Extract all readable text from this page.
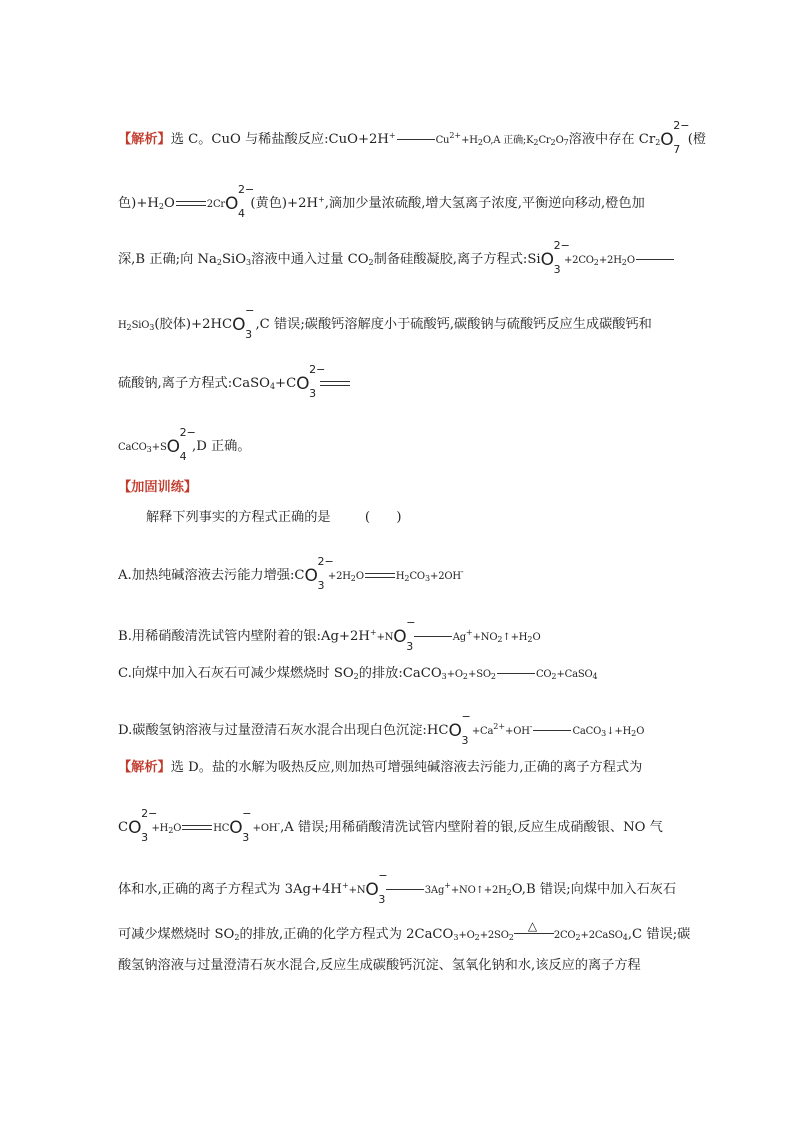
【解析】选 C。CuO 与稀盐酸反应:CuO+2H+	$Cu^{2+}+H_2O,A$ 正确$;K_2Cr_2O_7$溶液中存在 $Cr_2O$
2−
7
(橙
色)$+H_2O$	2CrO
2−
4
(黄色)+2H+,滴加少量浓硫酸,增大氢离子浓度,平衡逆向移动,橙色加
深,B 正确;向 $Na_2SiO_3$溶液中通入过量 $CO_2$制备硅酸凝胶,离子方程式:SiO
2−
3
$+2CO_2+2H_2O$
$H_2SiO_3$(胶体)+2HCO
−
3
,C 错误;碳酸钙溶解度小于硫酸钙,碳酸钠与硫酸钙反应生成碳酸钙和
硫酸钠,离子方程式:CaSO$_4$+CO
2−
3
CaCO$_3$+SO
2−
4
,D 正确。
【加固训练】
解释下列事实的方程式正确的是	(　　)
A.加热纯碱溶液去污能力增强:CO
2−
3
$+2H_2O$	$H_2CO_3+2OH^-$
B.用稀硝酸清洗试管内壁附着的银:Ag+2H++NO
−
3
$Ag^++NO_2↑+H_2O$
C.向煤中加入石灰石可减少煤燃烧时 $SO_2$的排放$:CaCO_3+O_2+SO_2$	$CO_2+CaSO_4$
D.碳酸氢钠溶液与过量澄清石灰水混合出现白色沉淀:HCO
−
3
$+Ca^{2+}+OH^-$	$CaCO_3↓+H_2O$
【解析】选 D。盐的水解为吸热反应,则加热可增强纯碱溶液去污能力,正确的离子方程式为
CO
2−
3
$+H_2O$	HCO
−
3
+OH-,A 错误;用稀硝酸清洗试管内壁附着的银,反应生成硝酸银、NO 气
体和水,正确的离子方程式为 3Ag+4H++NO
−
3
$3Ag^++NO↑+2H_2O,B$ 错误;向煤中加入石灰石
可减少煤燃烧时 $SO_2$的排放,正确的化学方程式为 $2CaCO_3+O_2+2SO_2$
△
$2CO_2+2CaSO_4,C$ 错误;碳
酸氢钠溶液与过量澄清石灰水混合,反应生成碳酸钙沉淀、氢氧化钠和水,该反应的离子方程
